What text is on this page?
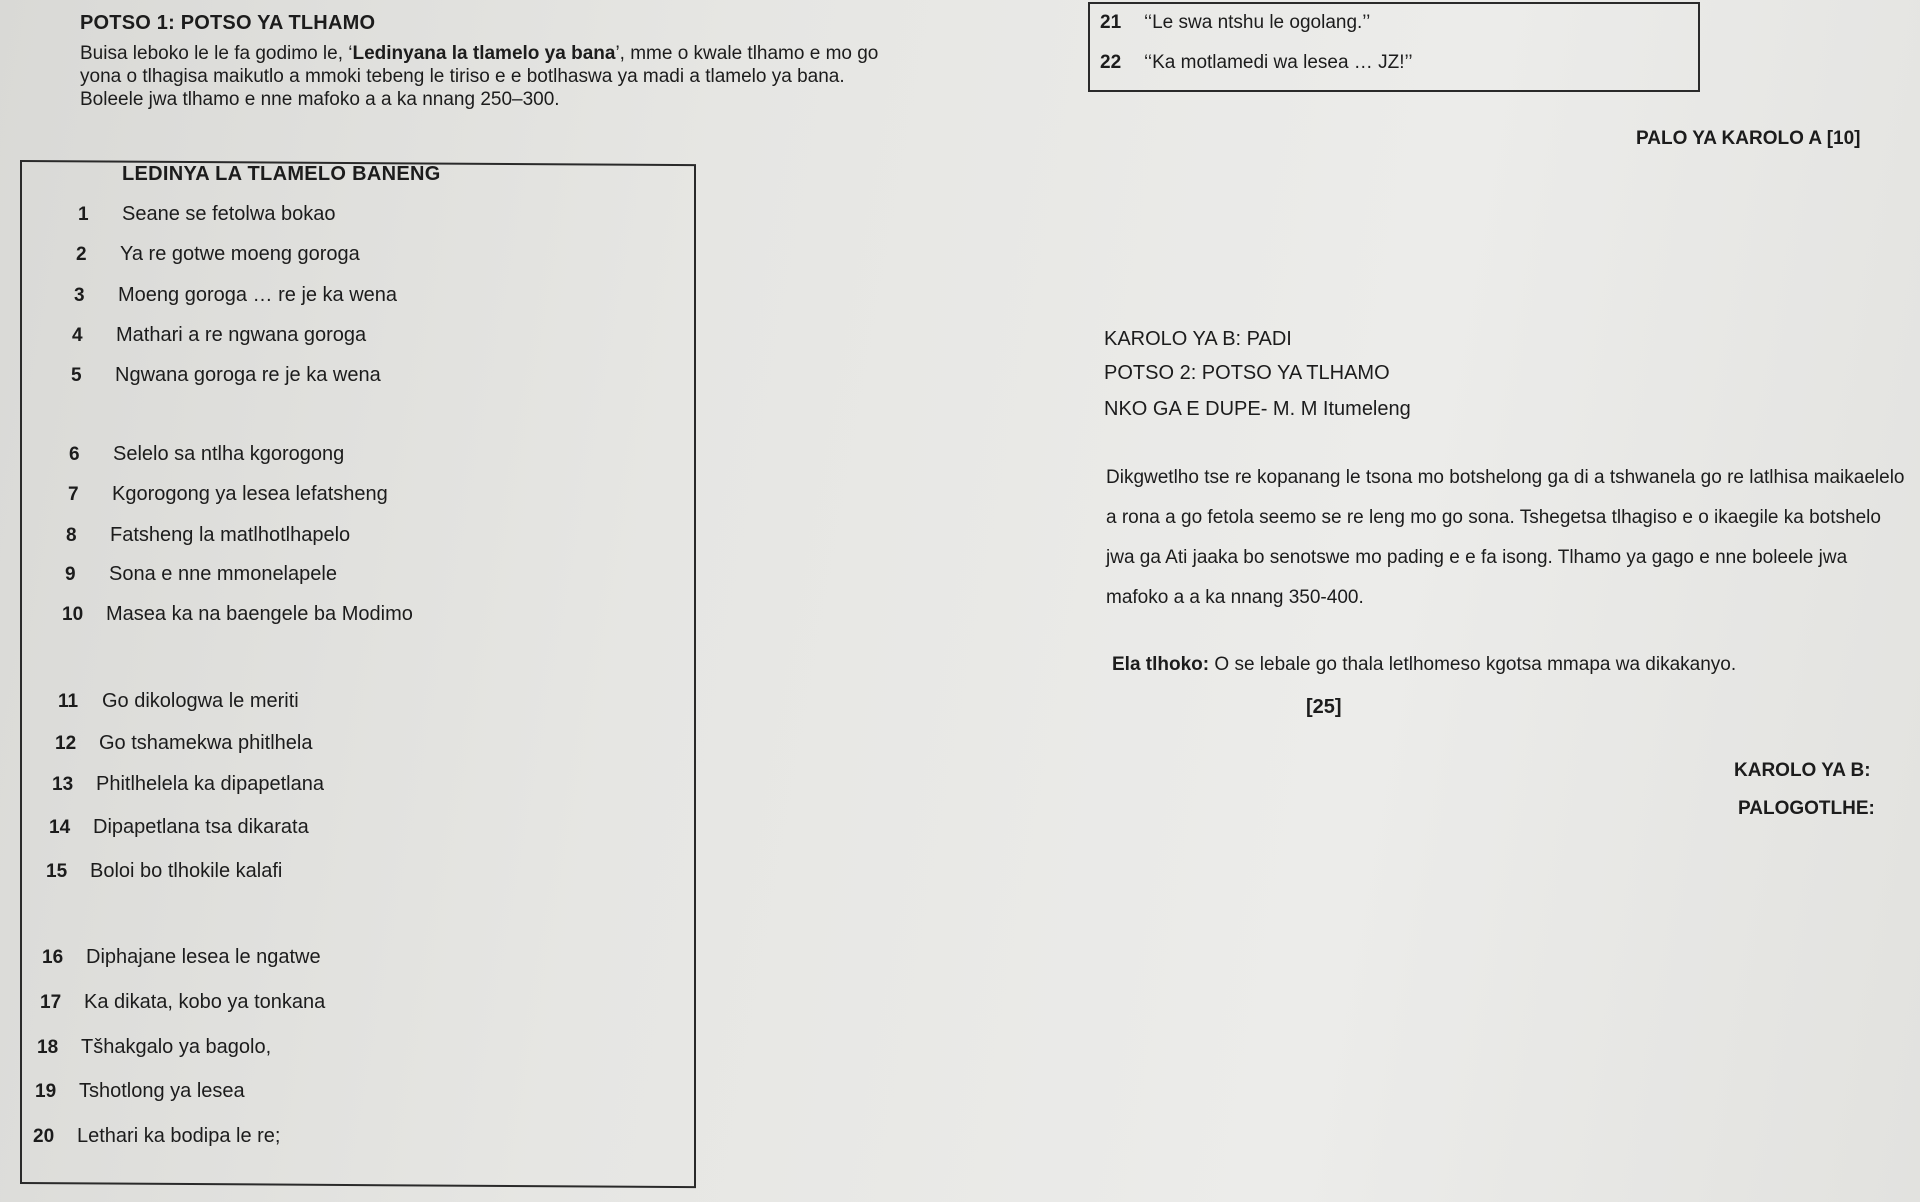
POTSO 1: POTSO YA TLHAMO
Buisa leboko le le fa godimo le, ‘Ledinyana la tlamelo ya bana’, mme o kwale tlhamo e mo go yona o tlhagisa maikutlo a mmoki tebeng le tiriso e e botlhaswa ya madi a tlamelo ya bana. Boleele jwa tlhamo e nne mafoko a a ka nnang 250–300.
LEDINYA LA TLAMELO BANENG
1 Seane se fetolwa bokao
2 Ya re gotwe moeng goroga
3 Moeng goroga … re je ka wena
4 Mathari a re ngwana goroga
5 Ngwana goroga re je ka wena
6 Selelo sa ntlha kgorogong
7 Kgorogong ya lesea lefatsheng
8 Fatsheng la matlhotlhapelo
9 Sona e nne mmonelapele
10 Masea ka na baengele ba Modimo
11 Go dikologwa le meriti
12 Go tshamekwa phitlhela
13 Phitlhelela ka dipapetlana
14 Dipapetlana tsa dikarata
15 Boloi bo tlhokile kalafi
16 Diphajane lesea le ngatwe
17 Ka dikata, kobo ya tonkana
18 Tšhakgalo ya bagolo,
19 Tshotlong ya lesea
20 Lethari ka bodipa le re;
21 ‘‘Le swa ntshu le ogolang.’’
22 ‘‘Ka motlamedi wa lesea … JZ!’’
PALO YA KAROLO A [10]
KAROLO YA B: PADI
POTSO 2: POTSO YA TLHAMO
NKO GA E DUPE- M. M Itumeleng
Dikgwetlho tse re kopanang le tsona mo botshelong ga di a tshwanela go re latlhisa maikaelelo a rona a go fetola seemo se re leng mo go sona. Tshegetsa tlhagiso e o ikaegile ka botshelo jwa ga Ati jaaka bo senotswe mo pading e e fa isong. Tlhamo ya gago e nne boleele jwa mafoko a a ka nnang 350-400.
Ela tlhoko: O se lebale go thala letlhomeso kgotsa mmapa wa dikakanyo.
[25]
KAROLO YA B:
PALOGOTLHE:
